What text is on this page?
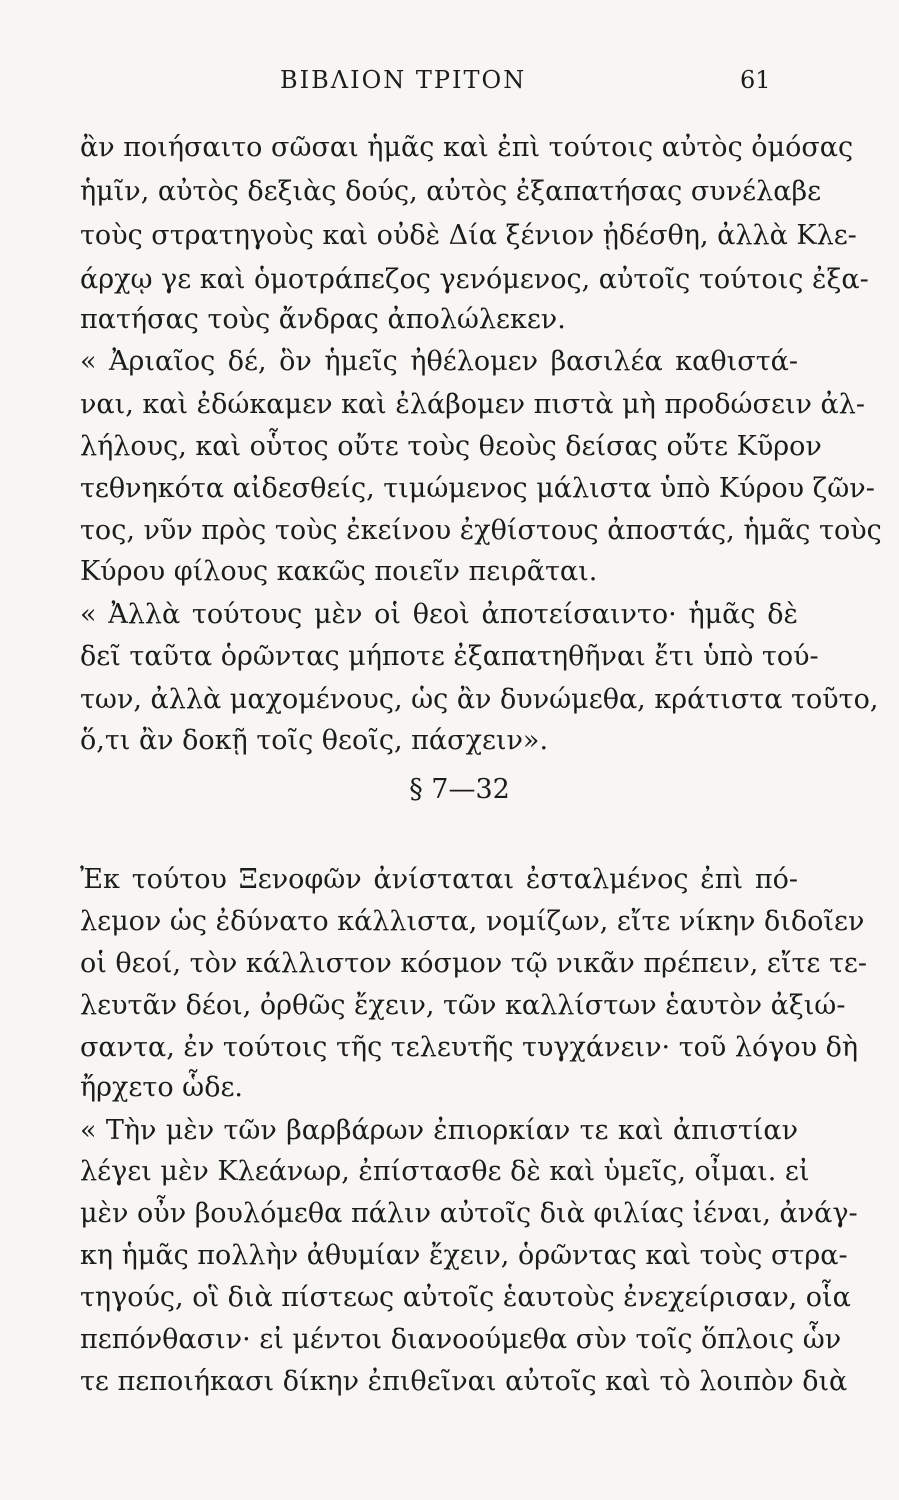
ΒΙΒΛΙΟΝ ΤΡΙΤΟΝ	61
ἂν ποιήσαιτο σῶσαι ἡμᾶς καὶ ἐπὶ τούτοις αὐτὸς ὀμόσας
ἡμῖν, αὐτὸς δεξιὰς δούς, αὐτὸς ἐξαπατήσας συνέλαβε
τοὺς στρατηγοὺς καὶ οὐδὲ Δία ξένιον ᾐδέσθη, ἀλλὰ Κλε-
άρχῳ γε καὶ ὁμοτράπεζος γενόμενος, αὐτοῖς τούτοις ἐξα-
πατήσας τοὺς ἄνδρας ἀπολώλεκεν.
« Ἀριαῖος δέ, ὃν ἡμεῖς ἠθέλομεν βασιλέα καθιστά-
ναι, καὶ ἐδώκαμεν καὶ ἐλάβομεν πιστὰ μὴ προδώσειν ἀλ-
λήλους, καὶ οὗτος οὔτε τοὺς θεοὺς δείσας οὔτε Κῦρον
τεθνηκότα αἰδεσθείς, τιμώμενος μάλιστα ὑπὸ Κύρου ζῶν-
τος, νῦν πρὸς τοὺς ἐκείνου ἐχθίστους ἀποστάς, ἡμᾶς τοὺς
Κύρου φίλους κακῶς ποιεῖν πειρᾶται.
« Ἀλλὰ τούτους μὲν οἱ θεοὶ ἀποτείσαιντο· ἡμᾶς δὲ
δεῖ ταῦτα ὁρῶντας μήποτε ἐξαπατηθῆναι ἔτι ὑπὸ τού-
των, ἀλλὰ μαχομένους, ὡς ἂν δυνώμεθα, κράτιστα τοῦτο,
ὅ,τι ἂν δοκῇ τοῖς θεοῖς, πάσχειν».
§ 7—32
Ἐκ τούτου Ξενοφῶν ἀνίσταται ἐσταλμένος ἐπὶ πό-
λεμον ὡς ἐδύνατο κάλλιστα, νομίζων, εἴτε νίκην διδοῖεν
οἱ θεοί, τὸν κάλλιστον κόσμον τῷ νικᾶν πρέπειν, εἴτε τε-
λευτᾶν δέοι, ὀρθῶς ἔχειν, τῶν καλλίστων ἑαυτὸν ἀξιώ-
σαντα, ἐν τούτοις τῆς τελευτῆς τυγχάνειν· τοῦ λόγου δὴ
ἤρχετο ὧδε.
« Τὴν μὲν τῶν βαρβάρων ἐπιορκίαν τε καὶ ἀπιστίαν
λέγει μὲν Κλεάνωρ, ἐπίστασθε δὲ καὶ ὑμεῖς, οἶμαι. εἰ
μὲν οὖν βουλόμεθα πάλιν αὐτοῖς διὰ φιλίας ἰέναι, ἀνάγ-
κη ἡμᾶς πολλὴν ἀθυμίαν ἔχειν, ὁρῶντας καὶ τοὺς στρα-
τηγούς, οἳ διὰ πίστεως αὐτοῖς ἑαυτοὺς ἐνεχείρισαν, οἷα
πεπόνθασιν· εἰ μέντοι διανοούμεθα σὺν τοῖς ὅπλοις ὧν
τε πεποιήκασι δίκην ἐπιθεῖναι αὐτοῖς καὶ τὸ λοιπὸν διὰ
